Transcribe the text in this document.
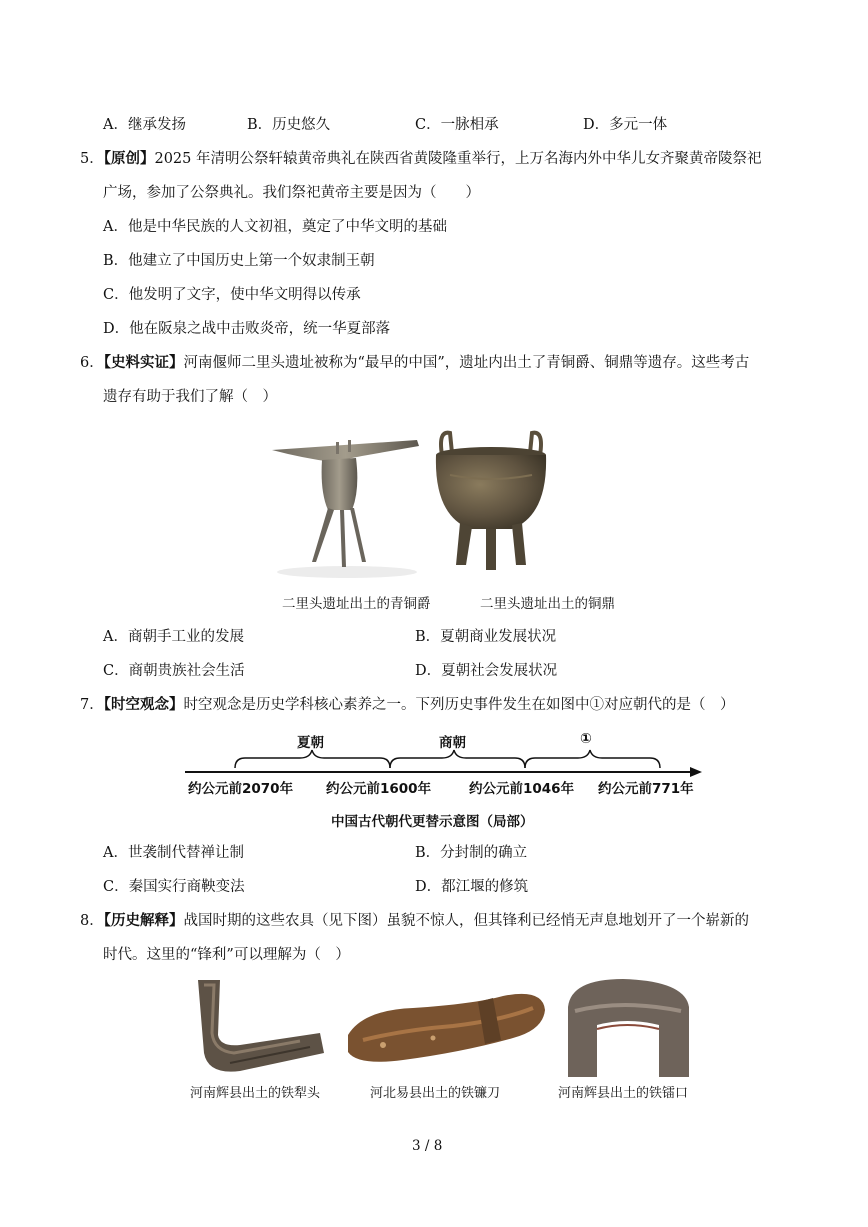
A．继承发扬	B．历史悠久	C．一脉相承	D．多元一体
5．【原创】2025 年清明公祭轩辕黄帝典礼在陕西省黄陵隆重举行，上万名海内外中华儿女齐聚黄帝陵祭祀
广场，参加了公祭典礼。我们祭祀黄帝主要是因为（　　）
A．他是中华民族的人文初祖，奠定了中华文明的基础
B．他建立了中国历史上第一个奴隶制王朝
C．他发明了文字，使中华文明得以传承
D．他在阪泉之战中击败炎帝，统一华夏部落
6．【史料实证】河南偃师二里头遗址被称为“最早的中国”，遗址内出土了青铜爵、铜鼎等遗存。这些考古
遗存有助于我们了解（　）
二里头遗址出土的青铜爵	二里头遗址出土的铜鼎
A．商朝手工业的发展	B．夏朝商业发展状况
C．商朝贵族社会生活	D．夏朝社会发展状况
7．【时空观念】时空观念是历史学科核心素养之一。下列历史事件发生在如图中①对应朝代的是（　）
夏朝	商朝	①
约公元前2070年 约公元前1600年	约公元前1046年 约公元前771年
中国古代朝代更替示意图（局部）
A．世袭制代替禅让制	B．分封制的确立
C．秦国实行商鞅变法	D．都江堰的修筑
8．【历史解释】战国时期的这些农具（见下图）虽貌不惊人，但其锋利已经悄无声息地划开了一个崭新的
时代。这里的“锋利”可以理解为（　）
河南辉县出土的铁犁头	河北易县出土的铁镰刀	河南辉县出土的铁镭口
3 / 8
